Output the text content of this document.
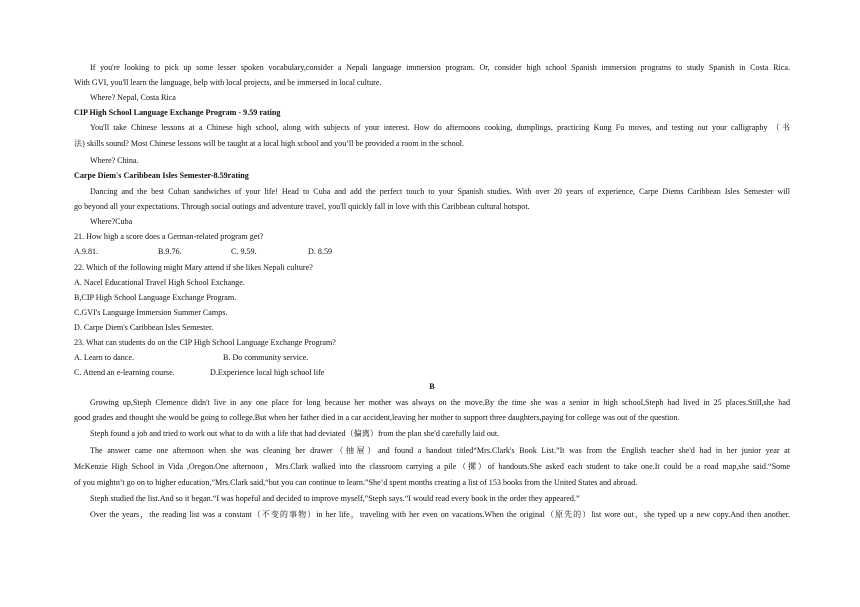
If you're looking to pick up some lesser spoken vocabulary,consider a Nepali language immersion program. Or, consider high school Spanish immersion programs to study Spanish in Costa Rica.
With GVI, you'll learn the language, help with local projects, and be immersed in local culture.
Where? Nepal, Costa Rica
CIP High School Language Exchange Program - 9.59 rating
You'll take Chinese lessons at a Chinese high school, along with subjects of your interest. How do afternoons cooking, dumplings, practicing Kung Fu moves, and testing out your calligraphy （书
法) skills sound? Most Chinese lessons will be taught at a local high school and you’ll be provided a room in the school.
Where? China.
Carpe Diem's Caribbean Isles Semester-8.59rating
Dancing and the best Cuban sandwiches of your life! Head to Cuba and add the perfect touch to your Spanish studies. With over 20 years of experience, Carpe Diems Caribbean Isles Semester will
go beyond all your expectations. Through social outings and adventure travel, you'll quickly fall in love with this Caribbean cultural hotspot.
Where?Cuba
21. How high a score does a German-related program get?
A.9.81.	B.9.76.	C. 9.59.	D. 8.59
22. Which of the following might Mary attend if she likes Nepali culture?
A. Nacel Educational Travel High School Exchange.
B,CIP High School Language Exchange Program.
C.GVI's Language Immersion Summer Camps.
D. Carpe Diem's Caribbean Isles Semester.
23. What can students do on the CIP High School Language Exchange Program?
A. Learn to dance.	B. Do community service.
C. Attend an e-learning course.	D.Experience local high school life
B
Growing up,Steph Clemence didn't live in any one place for long because her mother was always on the move.By the time she was a senior in high school,Steph had lived in 25 places.Still,she had
good grades and thought she would be going to college.But when her father died in a car accident,leaving her mother to support three daughters,paying for college was out of the question.
Steph found a job and tried to work out what to do with a life that had deviated（偏离）from the plan she'd carefully laid out.
The answer came one afternoon when she was cleaning her drawer（抽屉）and found a handout titled“Mrs.Clark's Book List.”It was from the English teacher she'd had in her junior year at
McKenzie High School in Vida ,Oregon.One afternoon，Mrs.Clark walked into the classroom carrying a pile（摞）of handouts.She asked each student to take one.It could be a road map,she said.“Some
of you mightn’t go on to higher education,”Mrs.Clark said,“but you can continue to learn.”She’d spent months creating a list of 153 books from the United States and abroad.
Steph studied the list.And so it began.“I was hopeful and decided to improve myself,”Steph says.“I would read every book in the order they appeared.”
Over the years，the reading list was a constant（不变的事物）in her life，traveling with her even on vacations.When the original（原先的）list wore out，she typed up a new copy.And then another.
